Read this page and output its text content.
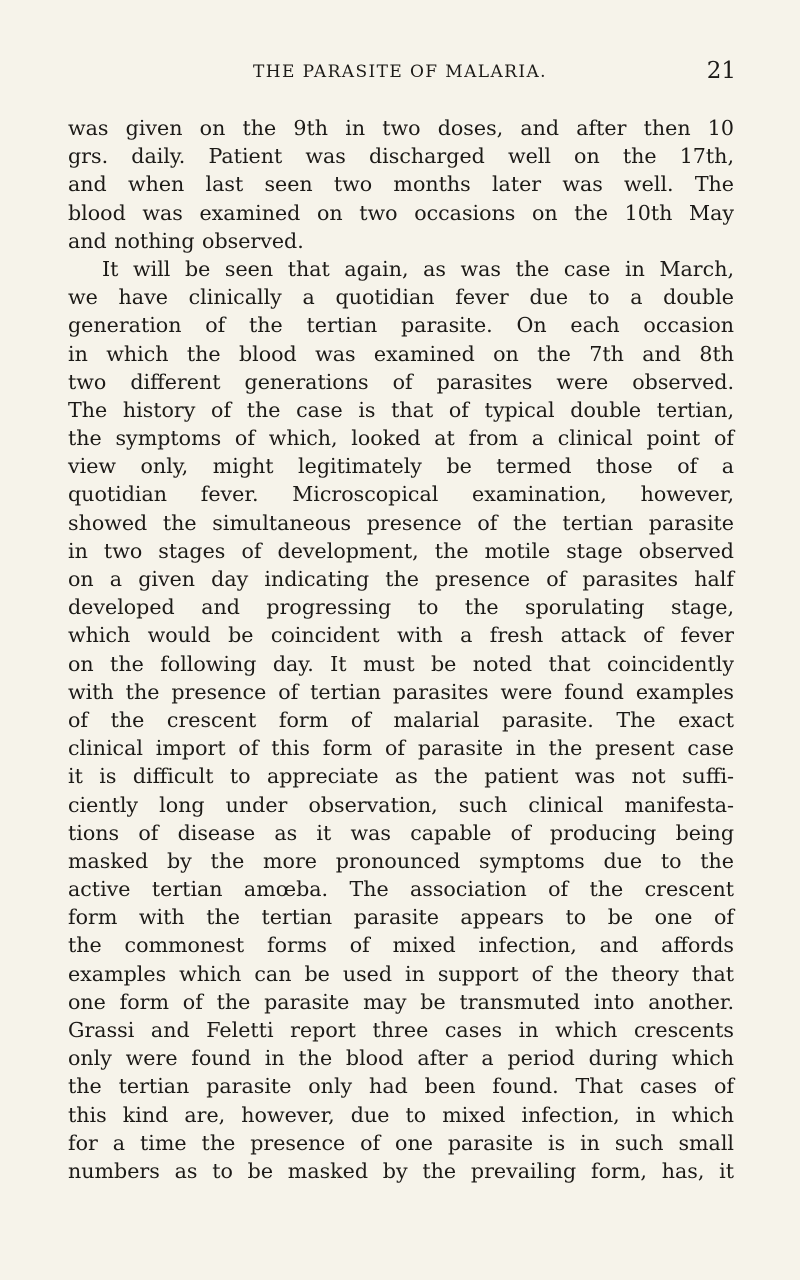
THE PARASITE OF MALARIA.	21
was given on the 9th in two doses, and after then 10
grs. daily. Patient was discharged well on the 17th,
and when last seen two months later was well. The
blood was examined on two occasions on the 10th May
and nothing observed.
It will be seen that again, as was the case in March,
we have clinically a quotidian fever due to a double
generation of the tertian parasite. On each occasion
in which the blood was examined on the 7th and 8th
two different generations of parasites were observed.
The history of the case is that of typical double tertian,
the symptoms of which, looked at from a clinical point of
view only, might legitimately be termed those of a
quotidian fever. Microscopical examination, however,
showed the simultaneous presence of the tertian parasite
in two stages of development, the motile stage observed
on a given day indicating the presence of parasites half
developed and progressing to the sporulating stage,
which would be coincident with a fresh attack of fever
on the following day. It must be noted that coincidently
with the presence of tertian parasites were found examples
of the crescent form of malarial parasite. The exact
clinical import of this form of parasite in the present case
it is difficult to appreciate as the patient was not suffi-
ciently long under observation, such clinical manifesta-
tions of disease as it was capable of producing being
masked by the more pronounced symptoms due to the
active tertian amœba. The association of the crescent
form with the tertian parasite appears to be one of
the commonest forms of mixed infection, and affords
examples which can be used in support of the theory that
one form of the parasite may be transmuted into another.
Grassi and Feletti report three cases in which crescents
only were found in the blood after a period during which
the tertian parasite only had been found. That cases of
this kind are, however, due to mixed infection, in which
for a time the presence of one parasite is in such small
numbers as to be masked by the prevailing form, has, it
